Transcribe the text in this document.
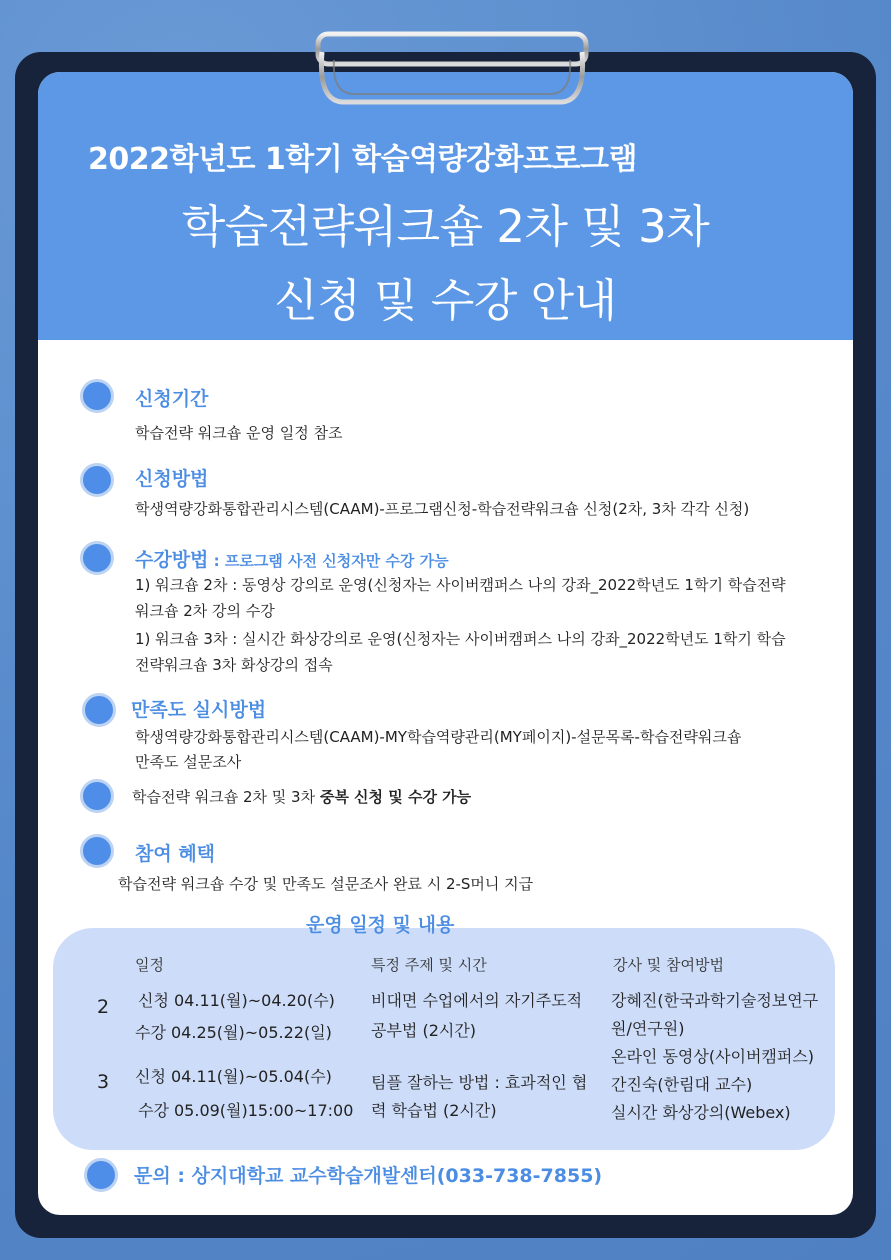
2022학년도 1학기 학습역량강화프로그램
학습전략워크숍 2차 및 3차
신청 및 수강 안내
신청기간
학습전략 워크숍 운영 일정 참조
신청방법
학생역량강화통합관리시스템(CAAM)-프로그램신청-학습전략워크숍 신청(2차, 3차 각각 신청)
수강방법 : 프로그램 사전 신청자만 수강 가능
1) 워크숍 2차 : 동영상 강의로 운영(신청자는 사이버캠퍼스 나의 강좌_2022학년도 1학기 학습전략
워크숍 2차 강의 수강
1) 워크숍 3차 : 실시간 화상강의로 운영(신청자는 사이버캠퍼스 나의 강좌_2022학년도 1학기 학습
전략워크숍 3차 화상강의 접속
만족도 실시방법
학생역량강화통합관리시스템(CAAM)-MY학습역량관리(MY페이지)-설문목록-학습전략워크숍
만족도 설문조사
학습전략 워크숍 2차 및 3차 중복 신청 및 수강 가능
참여 혜택
학습전략 워크숍 수강 및 만족도 설문조사 완료 시 2-S머니 지급
일정	특정 주제 및 시간	강사 및 참여방법
2 신청 04.11(월)~04.20(수)
수강 04.25(월)~05.22(일)
비대면 수업에서의 자기주도적
공부법 (2시간)
강혜진(한국과학기술정보연구
원/연구원)
온라인 동영상(사이버캠퍼스)
3 신청 04.11(월)~05.04(수)
수강 05.09(월)15:00~17:00
팀플 잘하는 방법 : 효과적인 협
력 학습법 (2시간)
간진숙(한림대 교수)
실시간 화상강의(Webex)
운영 일정 및 내용
문의 : 상지대학교 교수학습개발센터(033-738-7855)
